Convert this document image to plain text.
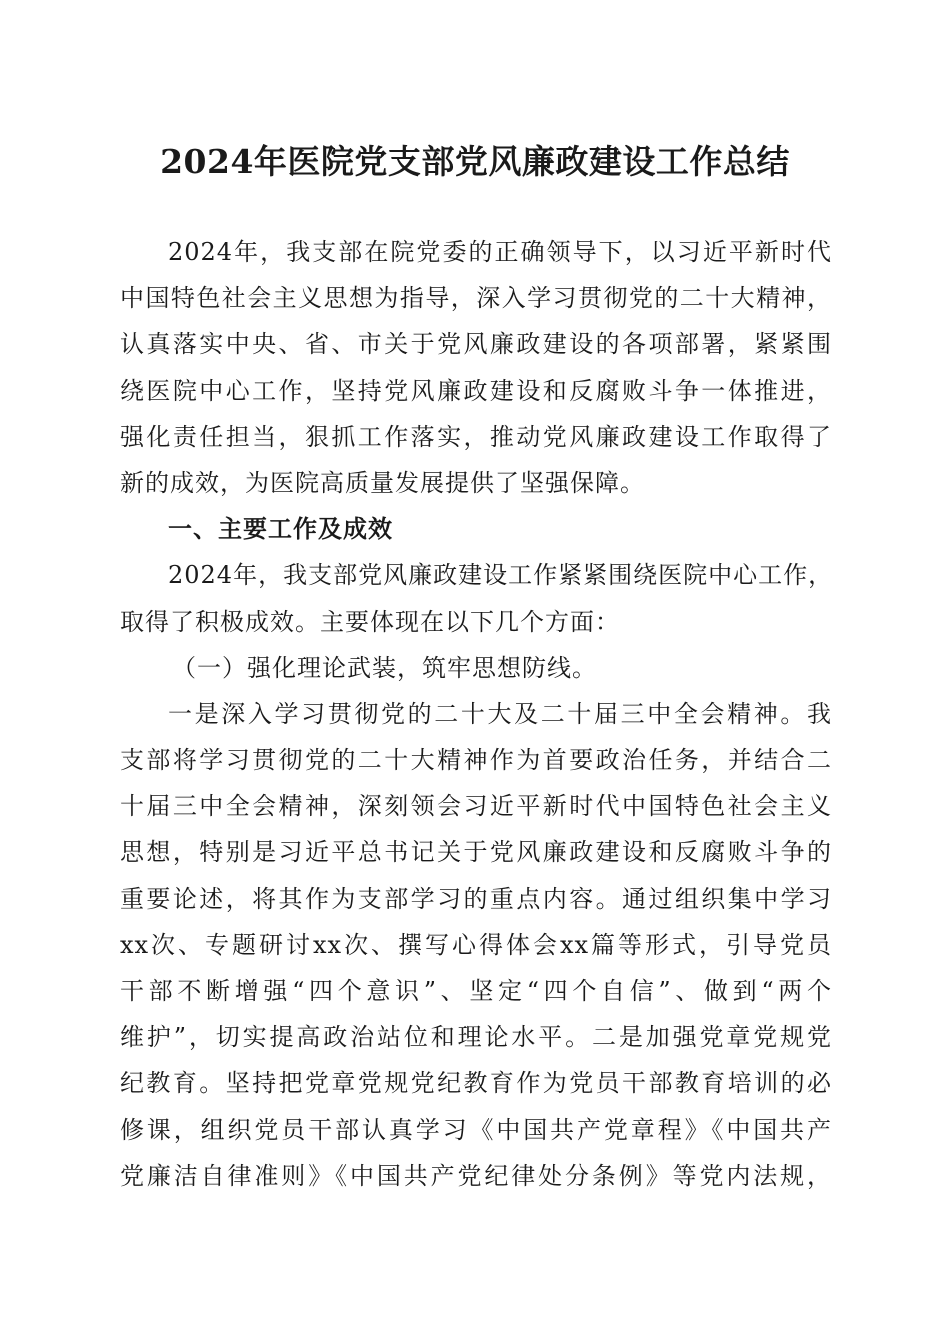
2024年医院党支部党风廉政建设工作总结
2024年，我支部在院党委的正确领导下，以习近平新时代
中国特色社会主义思想为指导，深入学习贯彻党的二十大精神，
认真落实中央、省、市关于党风廉政建设的各项部署，紧紧围
绕医院中心工作，坚持党风廉政建设和反腐败斗争一体推进，
强化责任担当，狠抓工作落实，推动党风廉政建设工作取得了
新的成效，为医院高质量发展提供了坚强保障。
一、主要工作及成效
2024年，我支部党风廉政建设工作紧紧围绕医院中心工作，
取得了积极成效。主要体现在以下几个方面：
（一）强化理论武装，筑牢思想防线。
一是深入学习贯彻党的二十大及二十届三中全会精神。我
支部将学习贯彻党的二十大精神作为首要政治任务，并结合二
十届三中全会精神，深刻领会习近平新时代中国特色社会主义
思想，特别是习近平总书记关于党风廉政建设和反腐败斗争的
重要论述，将其作为支部学习的重点内容。通过组织集中学习
xx次、专题研讨xx次、撰写心得体会xx篇等形式，引导党员
干部不断增强“四个意识”、坚定“四个自信”、做到“两个
维护”，切实提高政治站位和理论水平。二是加强党章党规党
纪教育。坚持把党章党规党纪教育作为党员干部教育培训的必
修课，组织党员干部认真学习《中国共产党章程》《中国共产
党廉洁自律准则》《中国共产党纪律处分条例》等党内法规，
